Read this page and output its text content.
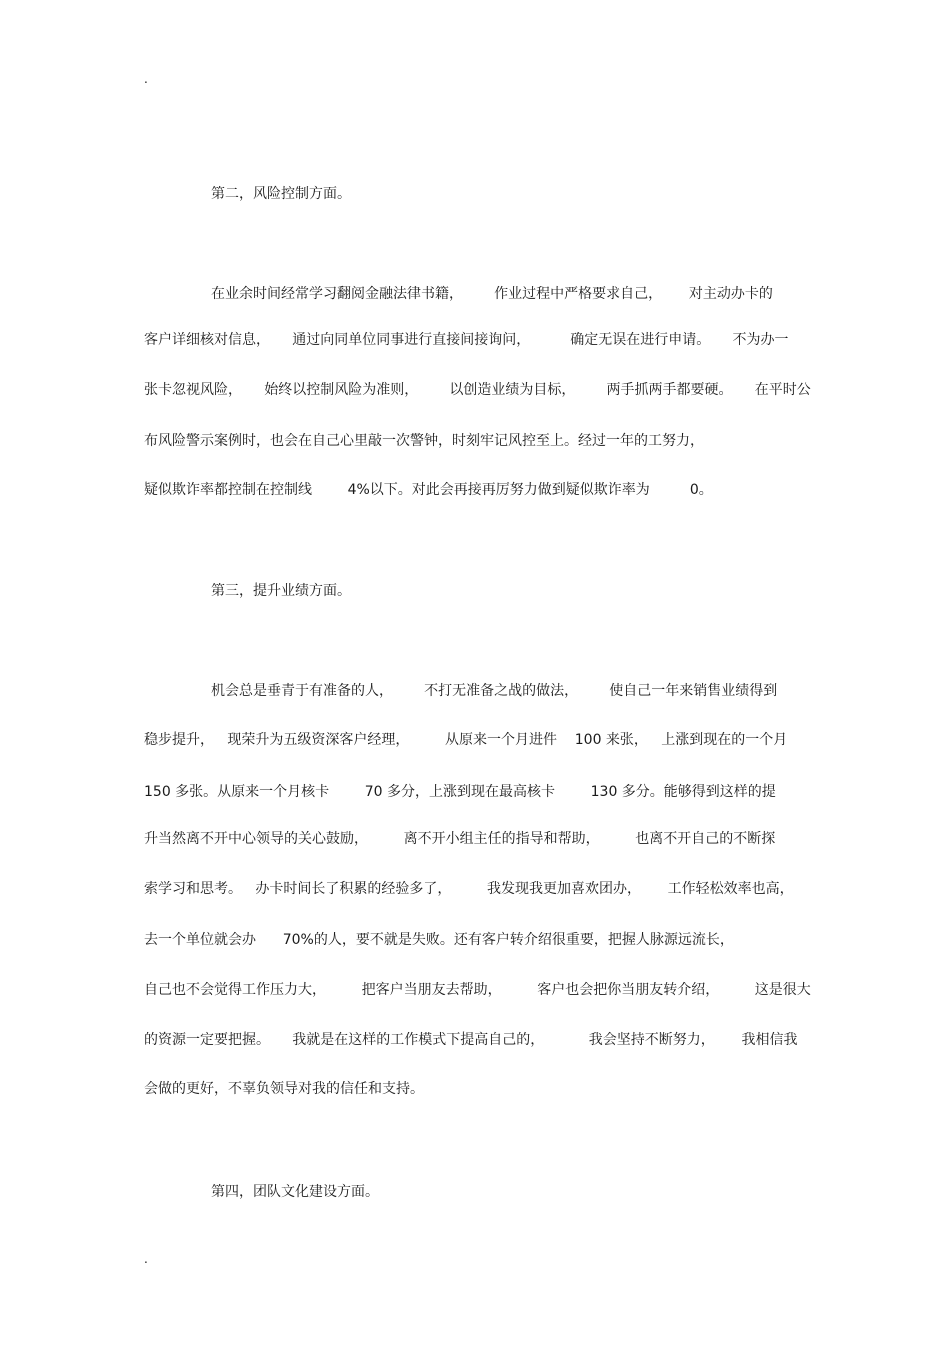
.
第二，风险控制方面。
在业余时间经常学习翻阅金融法律书籍，       作业过程中严格要求自己，      对主动办卡的
客户详细核对信息，     通过向同单位同事进行直接间接询问，         确定无误在进行申请。     不为办一
张卡忽视风险，     始终以控制风险为准则，       以创造业绩为目标，       两手抓两手都要硬。     在平时公
布风险警示案例时，也会在自己心里敲一次警钟，时刻牢记风控至上。经过一年的工努力，
疑似欺诈率都控制在控制线        4%以下。对此会再接再厉努力做到疑似欺诈率为         0。
第三，提升业绩方面。
机会总是垂青于有准备的人，       不打无准备之战的做法，       使自己一年来销售业绩得到
稳步提升，   现荣升为五级资深客户经理，        从原来一个月进件    100 来张，   上涨到现在的一个月
150 多张。从原来一个月核卡        70 多分，上涨到现在最高核卡        130 多分。能够得到这样的提
升当然离不开中心领导的关心鼓励，        离不开小组主任的指导和帮助，        也离不开自己的不断探
索学习和思考。   办卡时间长了积累的经验多了，        我发现我更加喜欢团办，      工作轻松效率也高，
去一个单位就会办      70%的人，要不就是失败。还有客户转介绍很重要，把握人脉源远流长，
自己也不会觉得工作压力大，        把客户当朋友去帮助，        客户也会把你当朋友转介绍，        这是很大
的资源一定要把握。     我就是在这样的工作模式下提高自己的，          我会坚持不断努力，      我相信我
会做的更好，不辜负领导对我的信任和支持。
第四，团队文化建设方面。
.
